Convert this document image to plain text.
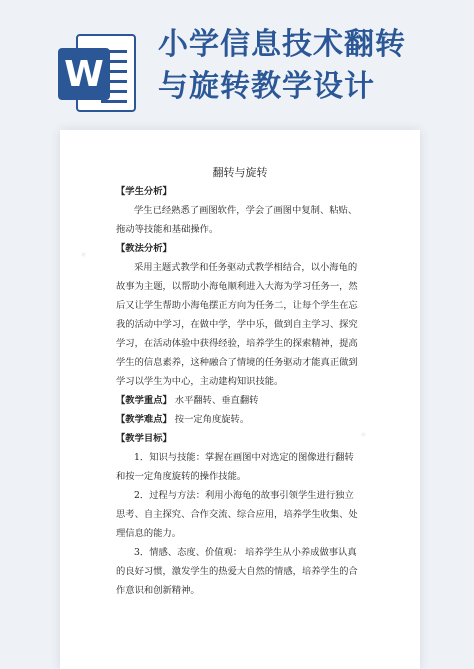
W
小学信息技术翻转
与旋转教学设计
✦
✦
翻转与旋转
【学生分析】
学生已经熟悉了画图软件，学会了画图中复制、粘贴、
拖动等技能和基础操作。
【教法分析】
采用主题式教学和任务驱动式教学相结合，以小海龟的
故事为主题，以帮助小海龟顺利进入大海为学习任务一，然
后又让学生帮助小海龟摆正方向为任务二，让每个学生在忘
我的活动中学习，在做中学，学中乐，做到自主学习、探究
学习，在活动体验中获得经验，培养学生的探索精神，提高
学生的信息素养，这种融合了情境的任务驱动才能真正做到
学习以学生为中心，主动建构知识技能。
【教学重点】 水平翻转、垂直翻转
【教学难点】 按一定角度旋转。
【教学目标】
1．知识与技能：掌握在画图中对选定的图像进行翻转
和按一定角度旋转的操作技能。
2．过程与方法：利用小海龟的故事引领学生进行独立
思考、自主探究、合作交流、综合应用，培养学生收集、处
理信息的能力。
3．情感、态度、价值观： 培养学生从小养成做事认真
的良好习惯，激发学生的热爱大自然的情感，培养学生的合
作意识和创新精神。
